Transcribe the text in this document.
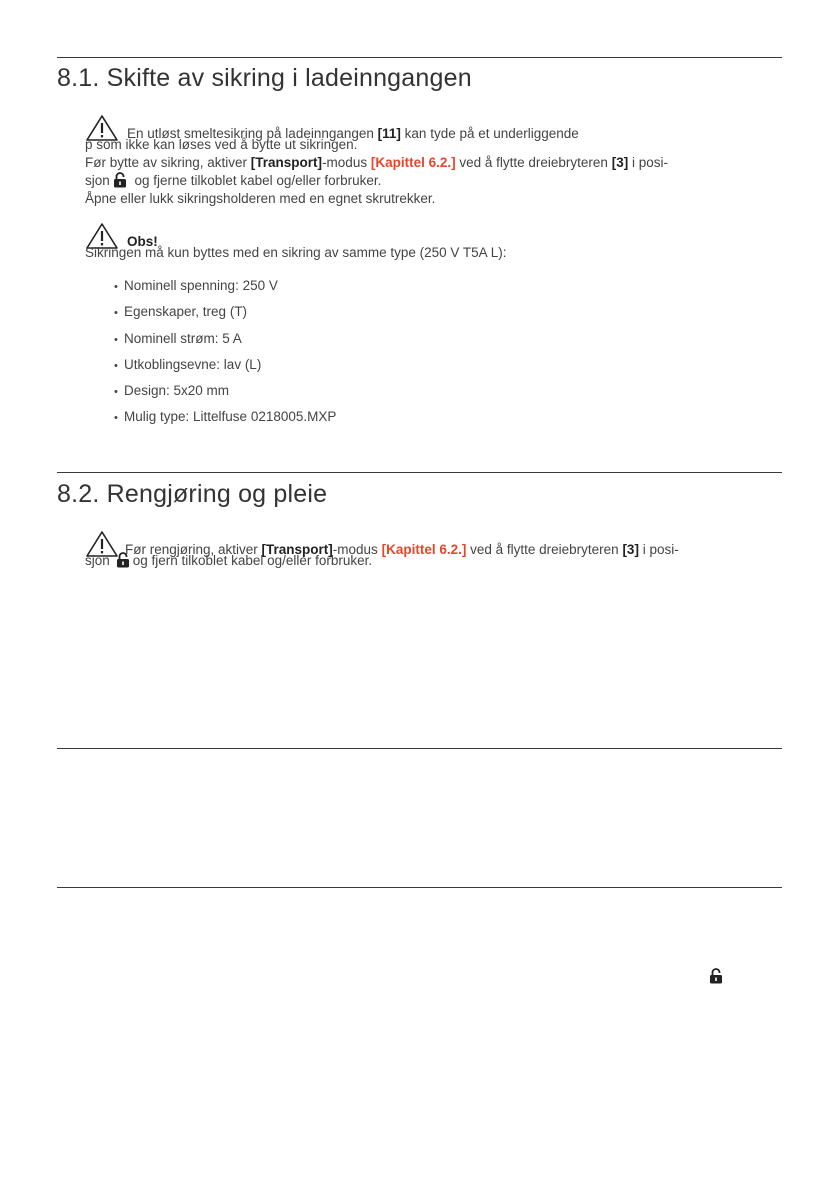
8.1. Skifte av sikring i ladeinngangen
En utløst smeltesikring på ladeinngangen [11] kan tyde på et underliggende
p som ikke kan løses ved å bytte ut sikringen.
Før bytte av sikring, aktiver [Transport]-modus [Kapittel 6.2.] ved å flytte dreiebryteren [3] i posi-
sjon og fjerne tilkoblet kabel og/eller forbruker.
Åpne eller lukk sikringsholderen med en egnet skrutrekker.
Obs!
Sikringen må kun byttes med en sikring av samme type (250 V T5A L):
• Nominell spenning: 250 V
• Egenskaper, treg (T)
• Nominell strøm: 5 A
• Utkoblingsevne: lav (L)
• Design: 5x20 mm
• Mulig type: Littelfuse 0218005.MXP
8.2. Rengjøring og pleie
Før rengjøring, aktiver [Transport]-modus [Kapittel 6.2.] ved å flytte dreiebryteren [3] i posi-
sjon og fjern tilkoblet kabel og/eller forbruker.
